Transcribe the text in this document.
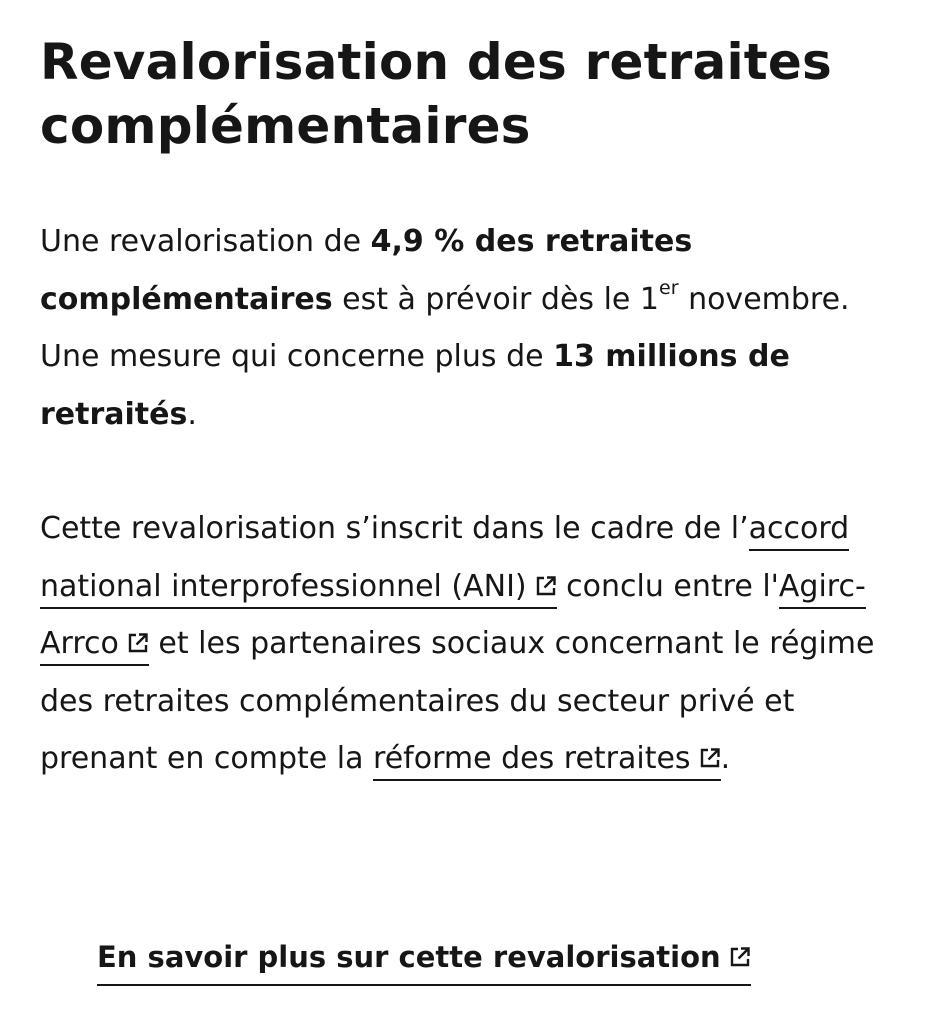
Revalorisation des retraites complémentaires

Une revalorisation de 4,9 % des retraites complémentaires est à prévoir dès le 1er novembre. Une mesure qui concerne plus de 13 millions de retraités.

Cette revalorisation s’inscrit dans le cadre de l’accord national interprofessionnel (ANI)
conclu entre l'Agirc-Arrco
et les partenaires sociaux concernant le régime des retraites complémentaires du secteur privé et prenant en compte la réforme des retraites .

En savoir plus sur cette revalorisation
